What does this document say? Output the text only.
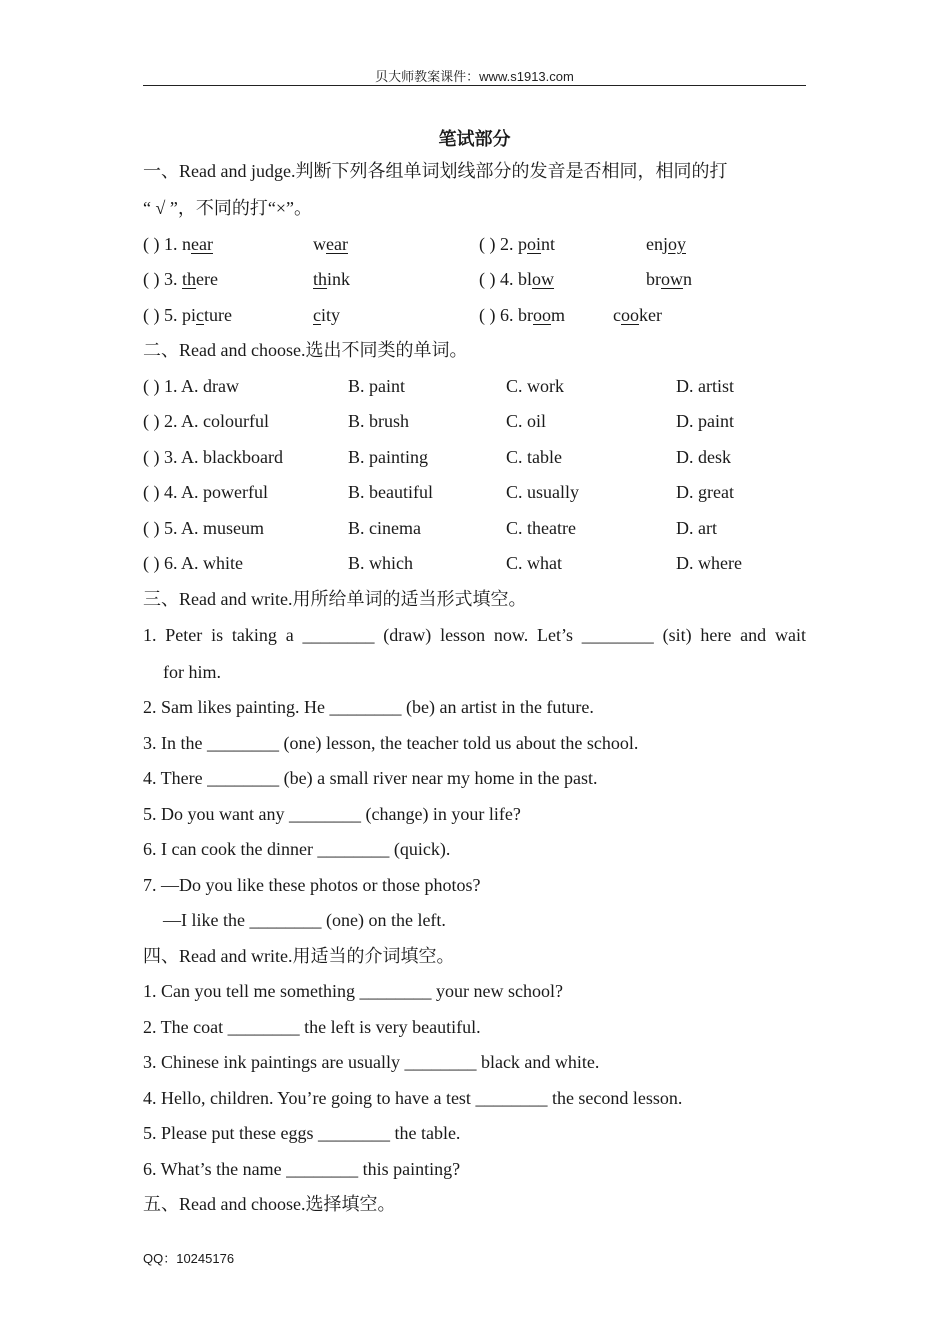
贝大师教案课件：www.s1913.com
笔试部分
一、Read and judge.判断下列各组单词划线部分的发音是否相同，相同的打
“ √ ”，不同的打“×”。
( ) 1. near	wear	( ) 2. point	enjoy
( ) 3. there	think	( ) 4. blow	brown
( ) 5. picture	city	( ) 6. broom	cooker
二、Read and choose.选出不同类的单词。
( ) 1. A. draw	B. paint	C. work	D. artist
( ) 2. A. colourful	B. brush	C. oil	D. paint
( ) 3. A. blackboard	B. painting	C. table	D. desk
( ) 4. A. powerful	B. beautiful	C. usually	D. great
( ) 5. A. museum	B. cinema	C. theatre	D. art
( ) 6. A. white	B. which	C. what	D. where
三、Read and write.用所给单词的适当形式填空。
1. Peter is taking a ________ (draw) lesson now. Let’s ________ (sit) here and wait
for him.
2. Sam likes painting. He ________ (be) an artist in the future.
3. In the ________ (one) lesson, the teacher told us about the school.
4. There ________ (be) a small river near my home in the past.
5. Do you want any ________ (change) in your life?
6. I can cook the dinner ________ (quick).
7. —Do you like these photos or those photos?
—I like the ________ (one) on the left.
四、Read and write.用适当的介词填空。
1. Can you tell me something ________ your new school?
2. The coat ________ the left is very beautiful.
3. Chinese ink paintings are usually ________ black and white.
4. Hello, children. You’re going to have a test ________ the second lesson.
5. Please put these eggs ________ the table.
6. What’s the name ________ this painting?
五、Read and choose.选择填空。
QQ：10245176
